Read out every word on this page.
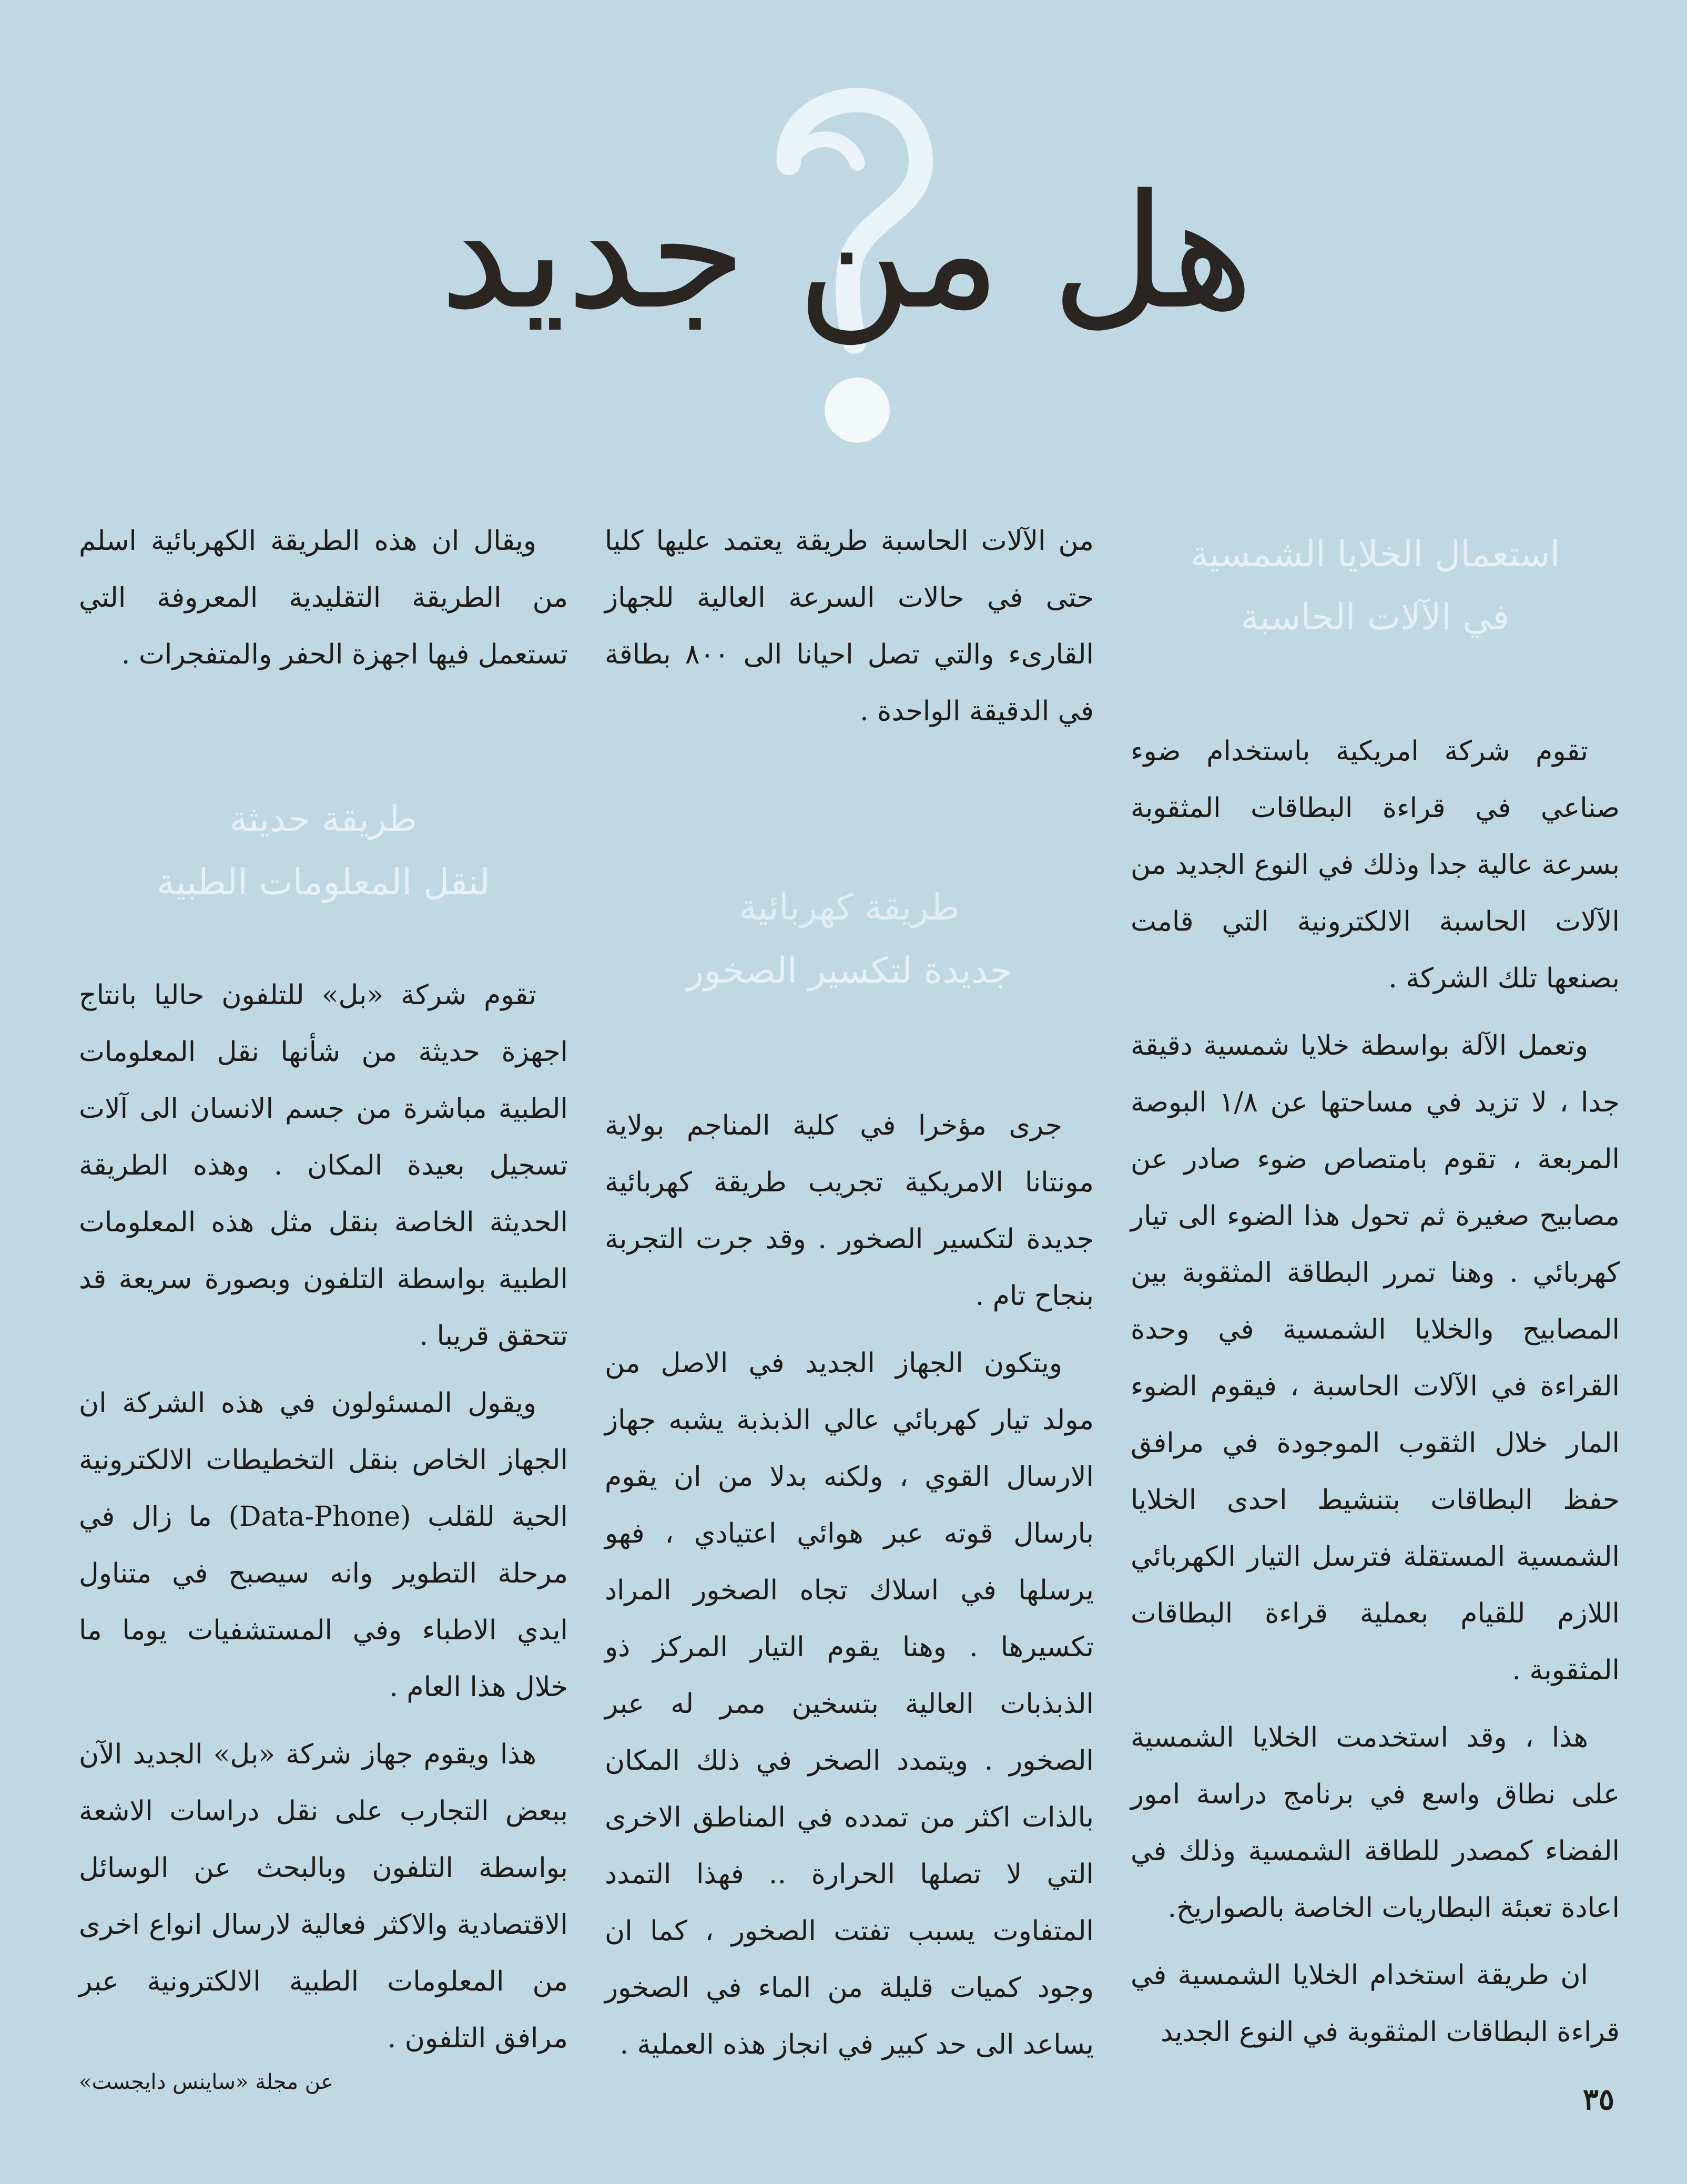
هل من جديد
استعمال الخلايا الشمسية
في الآلات الحاسبة

تقوم شركة امريكية باستخدام ضوء صناعي في قراءة البطاقات المثقوبة بسرعة عالية جدا وذلك في النوع الجديد من الآلات الحاسبة الالكترونية التي قامت بصنعها تلك الشركة .

وتعمل الآلة بواسطة خلايا شمسية دقيقة جدا ، لا تزيد في مساحتها عن ١/٨ البوصة المربعة ، تقوم بامتصاص ضوء صادر عن مصابيح صغيرة ثم تحول هذا الضوء الى تيار كهربائي . وهنا تمرر البطاقة المثقوبة بين المصابيح والخلايا الشمسية في وحدة القراءة في الآلات الحاسبة ، فيقوم الضوء المار خلال الثقوب الموجودة في مرافق حفظ البطاقات بتنشيط احدى الخلايا الشمسية المستقلة فترسل التيار الكهربائي اللازم للقيام بعملية قراءة البطاقات المثقوبة .

هذا ، وقد استخدمت الخلايا الشمسية على نطاق واسع في برنامج دراسة امور الفضاء كمصدر للطاقة الشمسية وذلك في اعادة تعبئة البطاريات الخاصة بالصواريخ.

ان طريقة استخدام الخلايا الشمسية في قراءة البطاقات المثقوبة في النوع الجديد

من الآلات الحاسبة طريقة يعتمد عليها كليا حتى في حالات السرعة العالية للجهاز القارىء والتي تصل احيانا الى ٨٠٠ بطاقة في الدقيقة الواحدة .

طريقة كهربائية
جديدة لتكسير الصخور

جرى مؤخرا في كلية المناجم بولاية مونتانا الامريكية تجريب طريقة كهربائية جديدة لتكسير الصخور . وقد جرت التجربة بنجاح تام .

ويتكون الجهاز الجديد في الاصل من مولد تيار كهربائي عالي الذبذبة يشبه جهاز الارسال القوي ، ولكنه بدلا من ان يقوم بارسال قوته عبر هوائي اعتيادي ، فهو يرسلها في اسلاك تجاه الصخور المراد تكسيرها . وهنا يقوم التيار المركز ذو الذبذبات العالية بتسخين ممر له عبر الصخور . ويتمدد الصخر في ذلك المكان بالذات اكثر من تمدده في المناطق الاخرى التي لا تصلها الحرارة .. فهذا التمدد المتفاوت يسبب تفتت الصخور ، كما ان وجود كميات قليلة من الماء في الصخور يساعد الى حد كبير في انجاز هذه العملية .

ويقال ان هذه الطريقة الكهربائية اسلم من الطريقة التقليدية المعروفة التي تستعمل فيها اجهزة الحفر والمتفجرات .

طريقة حديثة
لنقل المعلومات الطبية

تقوم شركة «بل» للتلفون حاليا بانتاج اجهزة حديثة من شأنها نقل المعلومات الطبية مباشرة من جسم الانسان الى آلات تسجيل بعيدة المكان . وهذه الطريقة الحديثة الخاصة بنقل مثل هذه المعلومات الطبية بواسطة التلفون وبصورة سريعة قد تتحقق قريبا .

ويقول المسئولون في هذه الشركة ان الجهاز الخاص بنقل التخطيطات الالكترونية الحية للقلب (Data-Phone) ما زال في مرحلة التطوير وانه سيصبح في متناول ايدي الاطباء وفي المستشفيات يوما ما خلال هذا العام .

هذا ويقوم جهاز شركة «بل» الجديد الآن ببعض التجارب على نقل دراسات الاشعة بواسطة التلفون وبالبحث عن الوسائل الاقتصادية والاكثر فعالية لارسال انواع اخرى من المعلومات الطبية الالكترونية عبر مرافق التلفون .

عن مجلة «ساينس دايجست»	٣٥
